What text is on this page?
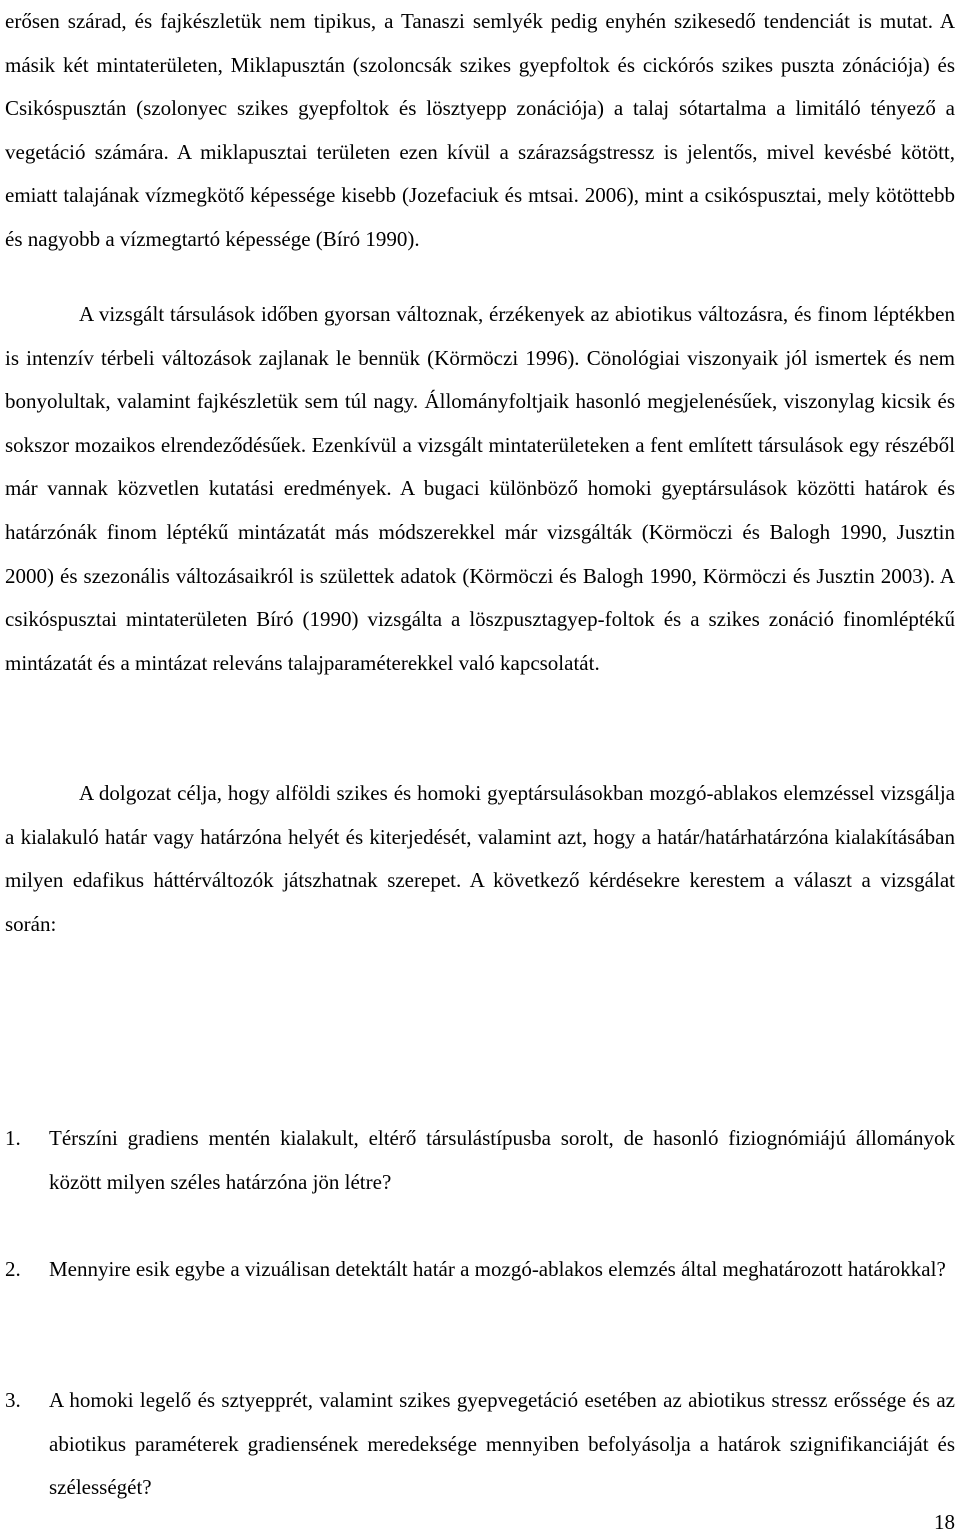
erősen szárad, és fajkészletük nem tipikus, a Tanaszi semlyék pedig enyhén szikesedő tendenciát is mutat. A másik két mintaterületen, Miklapusztán (szoloncsák szikes gyepfoltok és cickórós szikes puszta zónációja) és Csikóspusztán (szolonyec szikes gyepfoltok és lösztyepp zonációja) a talaj sótartalma a limitáló tényező a vegetáció számára. A miklapusztai területen ezen kívül a szárazságstressz is jelentős, mivel kevésbé kötött, emiatt talajának vízmegkötő képessége kisebb (Jozefaciuk és mtsai. 2006), mint a csikóspusztai, mely kötöttebb és nagyobb a vízmegtartó képessége (Bíró 1990).

A vizsgált társulások időben gyorsan változnak, érzékenyek az abiotikus változásra, és finom léptékben is intenzív térbeli változások zajlanak le bennük (Körmöczi 1996). Cönológiai viszonyaik jól ismertek és nem bonyolultak, valamint fajkészletük sem túl nagy. Állományfoltjaik hasonló megjelenésűek, viszonylag kicsik és sokszor mozaikos elrendeződésűek. Ezenkívül a vizsgált mintaterületeken a fent említett társulások egy részéből már vannak közvetlen kutatási eredmények. A bugaci különböző homoki gyeptársulások közötti határok és határzónák finom léptékű mintázatát más módszerekkel már vizsgálták (Körmöczi és Balogh 1990, Jusztin 2000) és szezonális változásaikról is születtek adatok (Körmöczi és Balogh 1990, Körmöczi és Jusztin 2003). A csikóspusztai mintaterületen Bíró (1990) vizsgálta a löszpusztagyep-foltok és a szikes zonáció finomléptékű mintázatát és a mintázat releváns talajparaméterekkel való kapcsolatát.

A dolgozat célja, hogy alföldi szikes és homoki gyeptársulásokban mozgó-ablakos elemzéssel vizsgálja a kialakuló határ vagy határzóna helyét és kiterjedését, valamint azt, hogy a határ/határhatárzóna kialakításában milyen edafikus háttérváltozók játszhatnak szerepet. A következő kérdésekre kerestem a választ a vizsgálat során:

1.	Térszíni gradiens mentén kialakult, eltérő társulástípusba sorolt, de hasonló fiziognómiájú állományok között milyen széles határzóna jön létre?
2.	Mennyire esik egybe a vizuálisan detektált határ a mozgó-ablakos elemzés által meghatározott határokkal?
3.	A homoki legelő és sztyepprét, valamint szikes gyepvegetáció esetében az abiotikus stressz erőssége és az abiotikus paraméterek gradiensének meredeksége mennyiben befolyásolja a határok szignifikanciáját és szélességét?
18
